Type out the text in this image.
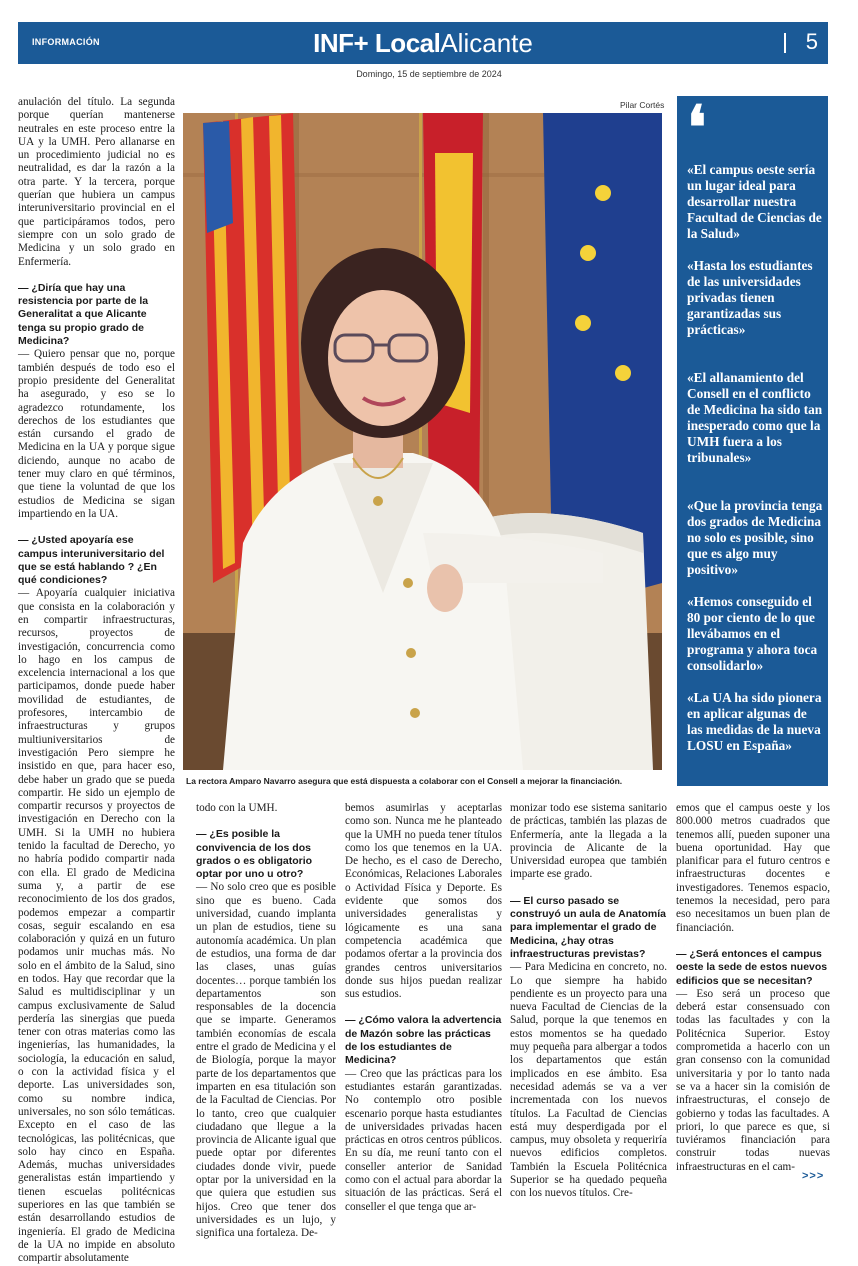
INFORMACIÓN	INF+ LocalAlicante	5
Domingo, 15 de septiembre de 2024
Pilar Cortés

anulación del título. La segunda porque querían mantenerse neutrales en este proceso entre la UA y la UMH. Pero allanarse en un procedimiento judicial no es neutralidad, es dar la razón a la otra parte. Y la tercera, porque querían que hubiera un campus interuniversitario provincial en el que participáramos todos, pero siempre con un solo grado de Medicina y un solo grado en Enfermería.

— ¿Diría que hay una resistencia por parte de la Generalitat a que Alicante tenga su propio grado de Medicina?

— Quiero pensar que no, porque también después de todo eso el propio presidente del Generalitat ha asegurado, y eso se lo agradezco rotundamente, los derechos de los estudiantes que están cursando el grado de Medicina en la UA y porque sigue diciendo, aunque no acabo de tener muy claro en qué términos, que tiene la voluntad de que los estudios de Medicina se sigan impartiendo en la UA.

— ¿Usted apoyaría ese campus interuniversitario del que se está hablando ? ¿En qué condiciones?

— Apoyaría cualquier iniciativa que consista en la colaboración y en compartir infraestructuras, recursos, proyectos de investigación, concurrencia como lo hago en los campus de excelencia internacional a los que participamos, donde puede haber movilidad de estudiantes, de profesores, intercambio de infraestructuras y grupos multiuniversitarios de investigación Pero siempre he insistido en que, para hacer eso, debe haber un grado que se pueda compartir. He sido un ejemplo de compartir recursos y proyectos de investigación en Derecho con la UMH. Si la UMH no hubiera tenido la facultad de Derecho, yo no habría podido compartir nada con ella. El grado de Medicina suma y, a partir de ese reconocimiento de los dos grados, podemos empezar a compartir cosas, seguir escalando en esa colaboración y quizá en un futuro podamos unir muchas más. No solo en el ámbito de la Salud, sino en todos. Hay que recordar que la Salud es multidisciplinar y un campus exclusivamente de Salud perdería las sinergias que pueda tener con otras materias como las ingenierías, las humanidades, la sociología, la educación en salud, o con la actividad física y el deporte. Las universidades son, como su nombre indica, universales, no son sólo temáticas. Excepto en el caso de las tecnológicas, las politécnicas, que solo hay cinco en España. Además, muchas universidades generalistas están impartiendo y tienen escuelas politécnicas superiores en las que también se están desarrollando estudios de ingeniería. El grado de Medicina de la UA no impide en absoluto compartir absolutamente

La rectora Amparo Navarro asegura que está dispuesta a colaborar con el Consell a mejorar la financiación.
❛
«El campus oeste sería un lugar ideal para desarrollar nuestra Facultad de Ciencias de la Salud»
«Hasta los estudiantes de las universidades privadas tienen garantizadas sus prácticas»
«El allanamiento del Consell en el conflicto de Medicina ha sido tan inesperado como que la UMH fuera a los tribunales»
«Que la provincia tenga dos grados de Medicina no solo es posible, sino que es algo muy positivo»
«Hemos conseguido el 80 por ciento de lo que llevábamos en el programa y ahora toca consolidarlo»
«La UA ha sido pionera en aplicar algunas de las medidas de la nueva LOSU en España»

todo con la UMH.

— ¿Es posible la convivencia de los dos grados o es obligatorio optar por uno u otro?

— No solo creo que es posible sino que es bueno. Cada universidad, cuando implanta un plan de estudios, tiene su autonomía académica. Un plan de estudios, una forma de dar las clases, unas guías docentes… porque también los departamentos son responsables de la docencia que se imparte. Generamos también economías de escala entre el grado de Medicina y el de Biología, porque la mayor parte de los departamentos que imparten en esa titulación son de la Facultad de Ciencias. Por lo tanto, creo que cualquier ciudadano que llegue a la provincia de Alicante igual que puede optar por diferentes ciudades donde vivir, puede optar por la universidad en la que quiera que estudien sus hijos. Creo que tener dos universidades es un lujo, y significa una fortaleza. De-

bemos asumirlas y aceptarlas como son. Nunca me he planteado que la UMH no pueda tener títulos como los que tenemos en la UA. De hecho, es el caso de Derecho, Económicas, Relaciones Laborales o Actividad Física y Deporte. Es evidente que somos dos universidades generalistas y lógicamente es una sana competencia académica que podamos ofertar a la provincia dos grandes centros universitarios donde sus hijos puedan realizar sus estudios.

— ¿Cómo valora la advertencia de Mazón sobre las prácticas de los estudiantes de Medicina?

— Creo que las prácticas para los estudiantes estarán garantizadas. No contemplo otro posible escenario porque hasta estudiantes de universidades privadas hacen prácticas en otros centros públicos. En su día, me reuní tanto con el conseller anterior de Sanidad como con el actual para abordar la situación de las prácticas. Será el conseller el que tenga que ar-

monizar todo ese sistema sanitario de prácticas, también las plazas de Enfermería, ante la llegada a la provincia de Alicante de la Universidad europea que también imparte ese grado.

— El curso pasado se construyó un aula de Anatomía para implementar el grado de Medicina, ¿hay otras infraestructuras previstas?

— Para Medicina en concreto, no. Lo que siempre ha habido pendiente es un proyecto para una nueva Facultad de Ciencias de la Salud, porque la que tenemos en estos momentos se ha quedado muy pequeña para albergar a todos los departamentos que están implicados en ese ámbito. Esa necesidad además se va a ver incrementada con los nuevos títulos. La Facultad de Ciencias está muy desperdigada por el campus, muy obsoleta y requeriría nuevos edificios completos. También la Escuela Politécnica Superior se ha quedado pequeña con los nuevos títulos. Cre-

emos que el campus oeste y los 800.000 metros cuadrados que tenemos allí, pueden suponer una buena oportunidad. Hay que planificar para el futuro centros e infraestructuras docentes e investigadores. Tenemos espacio, tenemos la necesidad, pero para eso necesitamos un buen plan de financiación.

— ¿Será entonces el campus oeste la sede de estos nuevos edificios que se necesitan?

— Eso será un proceso que deberá estar consensuado con todas las facultades y con la Politécnica Superior. Estoy comprometida a hacerlo con un gran consenso con la comunidad universitaria y por lo tanto nada se va a hacer sin la comisión de infraestructuras, el consejo de gobierno y todas las facultades. A priori, lo que parece es que, si tuviéramos financiación para construir todas nuevas infraestructuras en el cam-

>>>
